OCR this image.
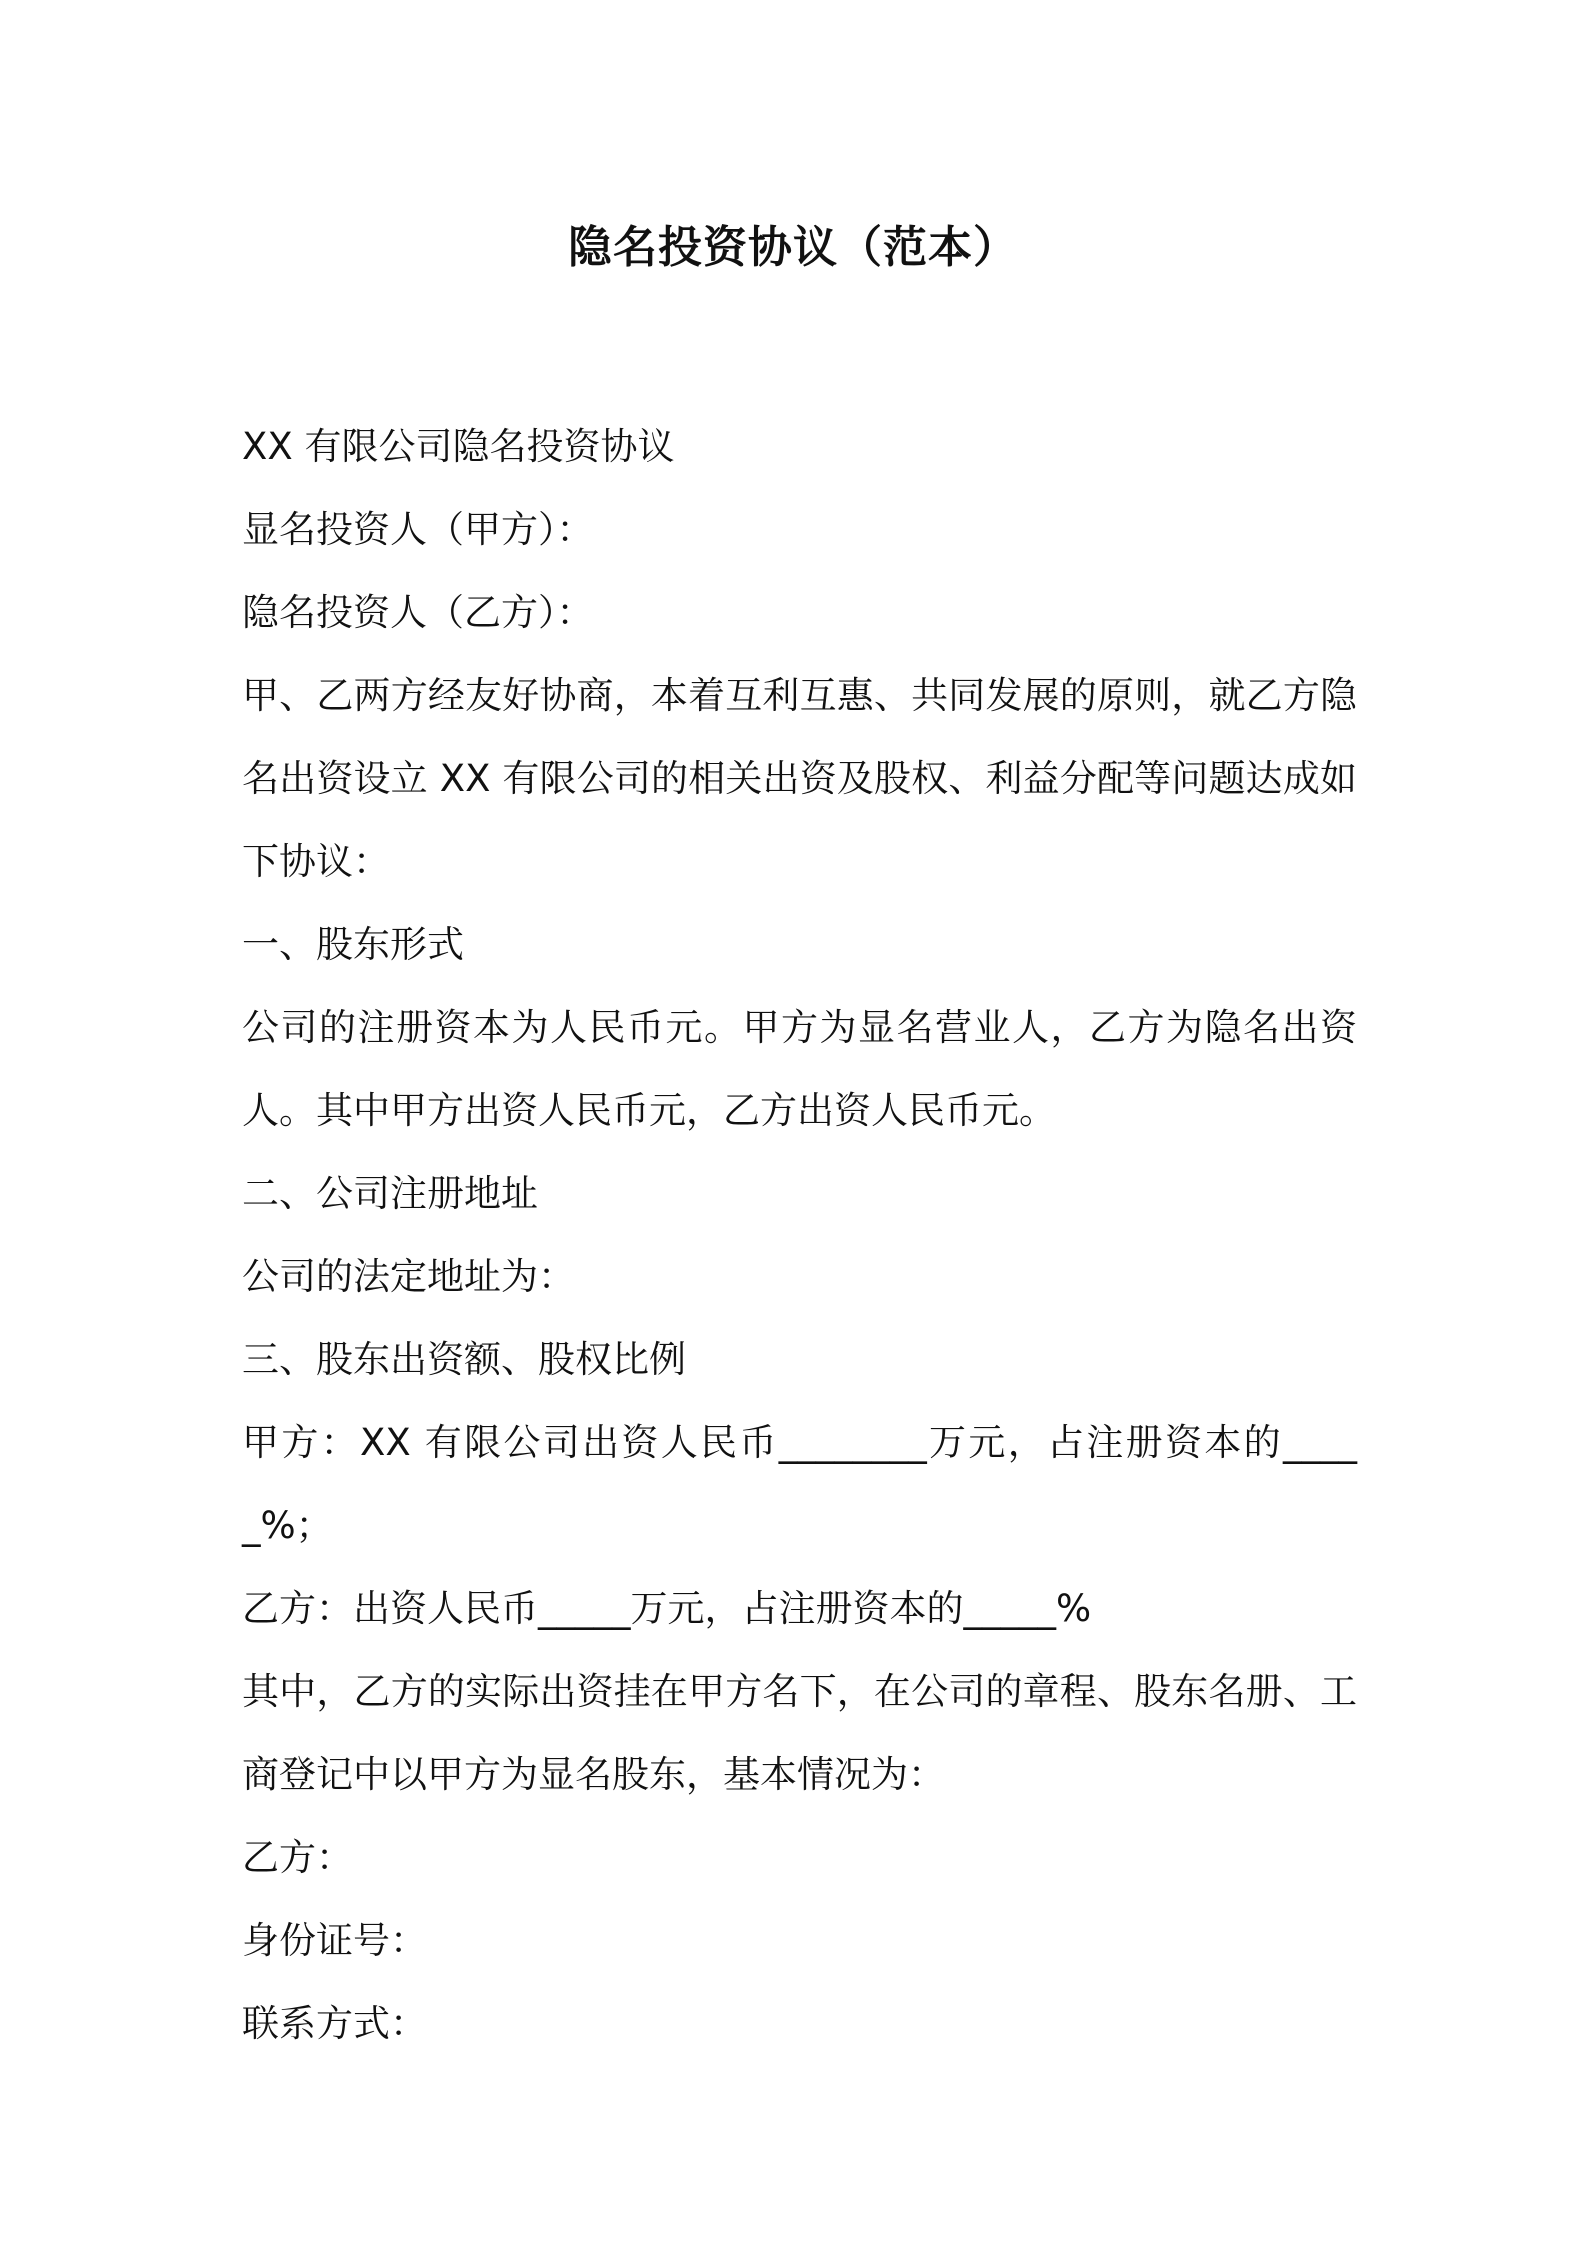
隐名投资协议（范本）

XX 有限公司隐名投资协议

显名投资人（甲方）：

隐名投资人（乙方）：

甲、乙两方经友好协商，本着互利互惠、共同发展的原则，就乙方隐名出资设立 XX 有限公司的相关出资及股权、利益分配等问题达成如下协议：

一、股东形式

公司的注册资本为人民币元。甲方为显名营业人，乙方为隐名出资人。其中甲方出资人民币元，乙方出资人民币元。

二、公司注册地址

公司的法定地址为：

三、股东出资额、股权比例

甲方：XX 有限公司出资人民币________万元，占注册资本的_____%；

乙方：出资人民币_____万元，占注册资本的_____%

其中，乙方的实际出资挂在甲方名下，在公司的章程、股东名册、工商登记中以甲方为显名股东，基本情况为：

乙方：

身份证号：

联系方式：
